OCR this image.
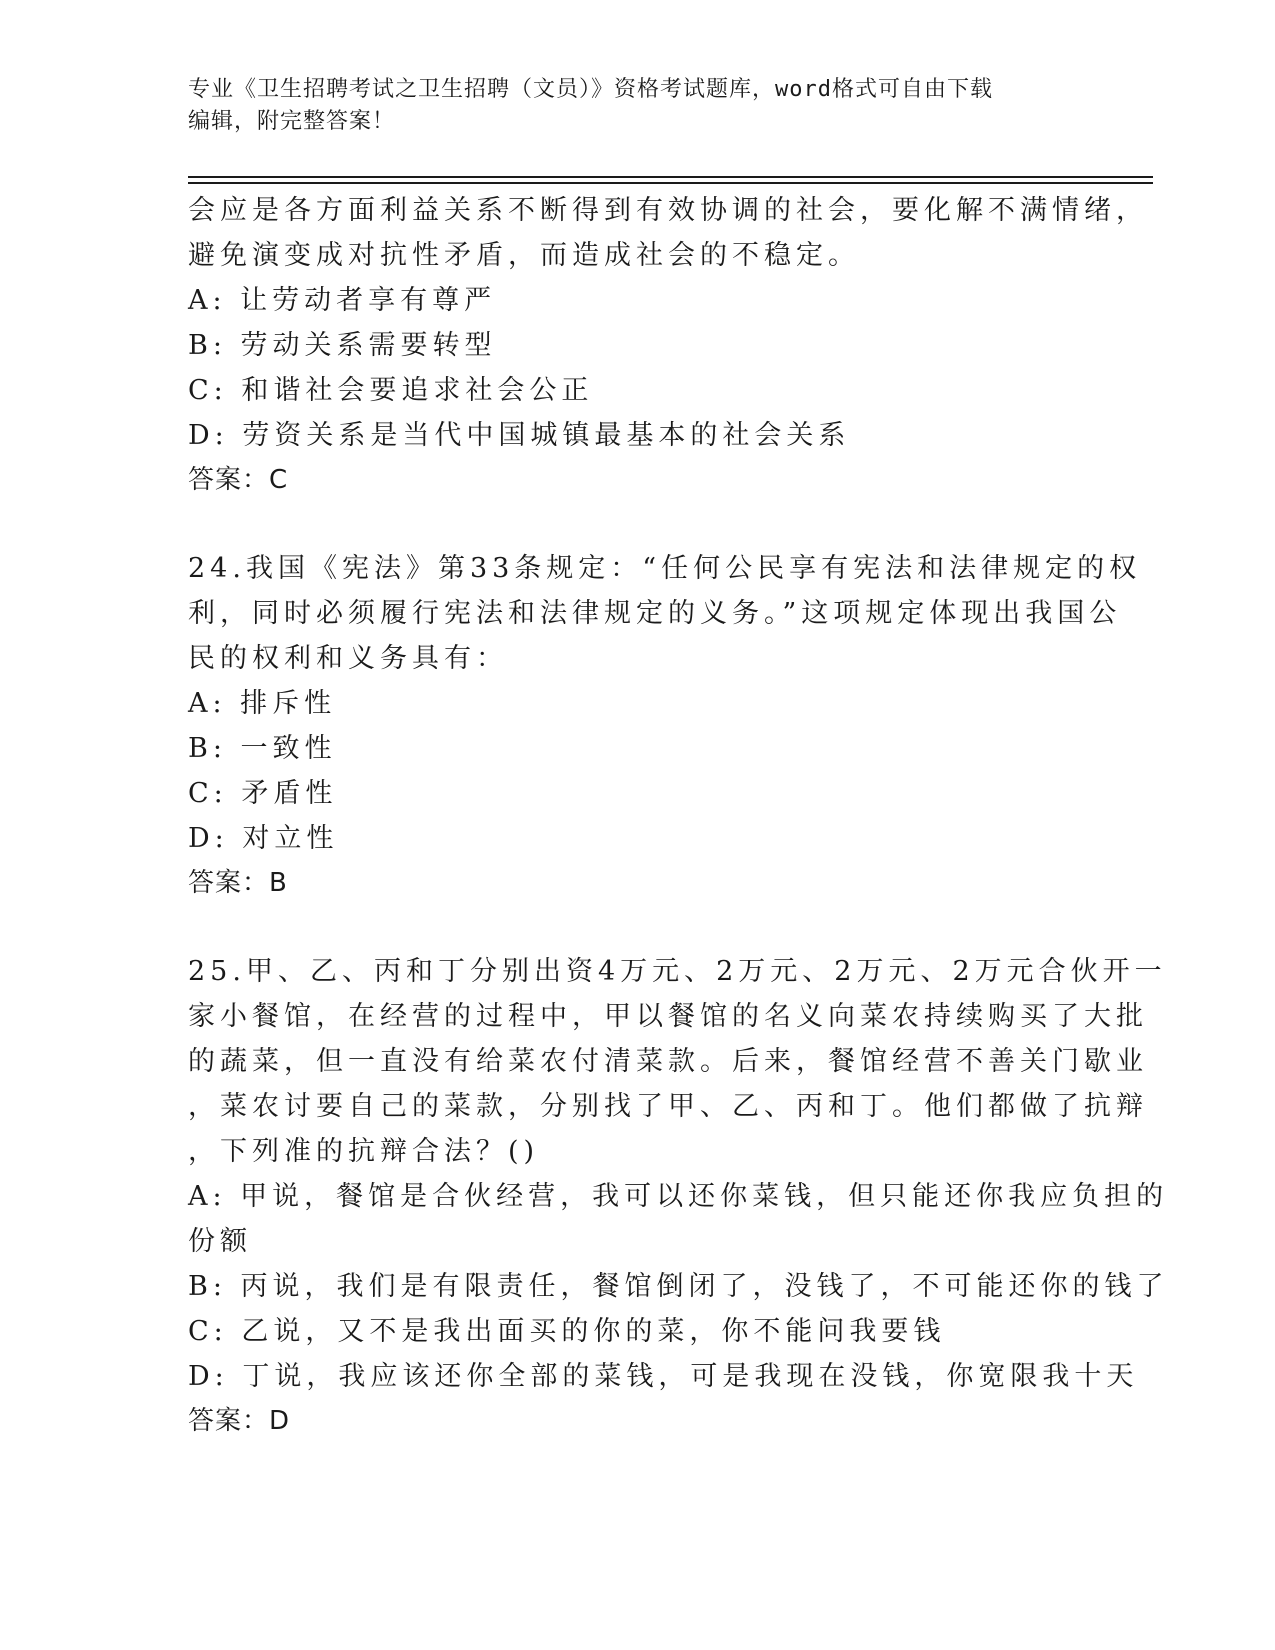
专业《卫生招聘考试之卫生招聘（文员）》资格考试题库，word格式可自由下载
编辑，附完整答案！
会应是各方面利益关系不断得到有效协调的社会，要化解不满情绪，
避免演变成对抗性矛盾，而造成社会的不稳定。
A: 让劳动者享有尊严
B: 劳动关系需要转型
C: 和谐社会要追求社会公正
D: 劳资关系是当代中国城镇最基本的社会关系
答案：C
24.我国《宪法》第33条规定：“任何公民享有宪法和法律规定的权
利，同时必须履行宪法和法律规定的义务。”这项规定体现出我国公
民的权利和义务具有：
A: 排斥性
B: 一致性
C: 矛盾性
D: 对立性
答案：B
25.甲、乙、丙和丁分别出资4万元、2万元、2万元、2万元合伙开一
家小餐馆，在经营的过程中，甲以餐馆的名义向菜农持续购买了大批
的蔬菜，但一直没有给菜农付清菜款。后来，餐馆经营不善关门歇业
，菜农讨要自己的菜款，分别找了甲、乙、丙和丁。他们都做了抗辩
，下列准的抗辩合法？()
A: 甲说，餐馆是合伙经营，我可以还你菜钱，但只能还你我应负担的
份额
B: 丙说，我们是有限责任，餐馆倒闭了，没钱了，不可能还你的钱了
C: 乙说，又不是我出面买的你的菜，你不能问我要钱
D: 丁说，我应该还你全部的菜钱，可是我现在没钱，你宽限我十天
答案：D
